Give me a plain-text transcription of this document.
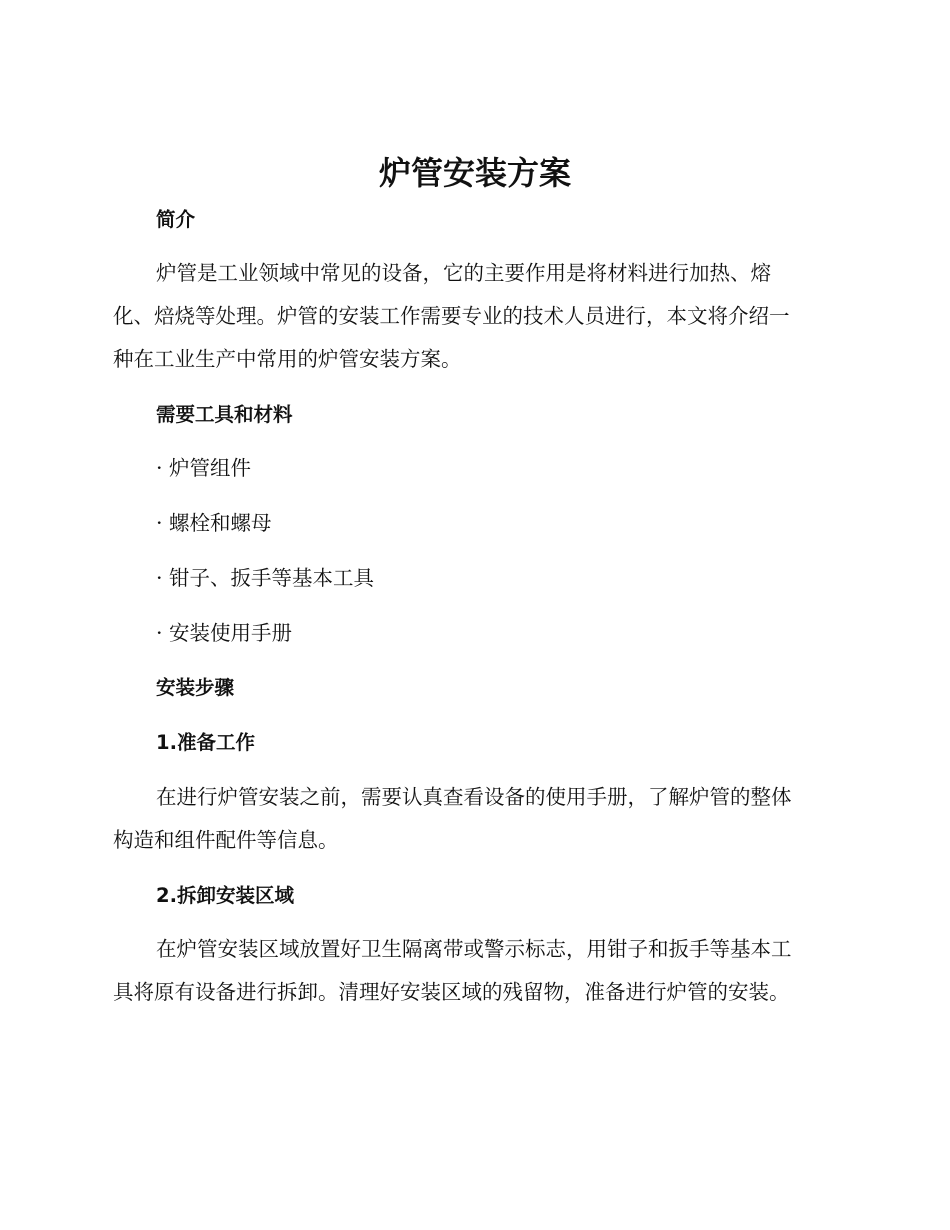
炉管安装方案
简介

炉管是工业领域中常见的设备，它的主要作用是将材料进行加热、熔
化、焙烧等处理。炉管的安装工作需要专业的技术人员进行，本文将介绍一
种在工业生产中常用的炉管安装方案。

需要工具和材料

· 炉管组件

· 螺栓和螺母

· 钳子、扳手等基本工具

· 安装使用手册

安装步骤
1.准备工作

在进行炉管安装之前，需要认真查看设备的使用手册，了解炉管的整体
构造和组件配件等信息。

2.拆卸安装区域

在炉管安装区域放置好卫生隔离带或警示标志，用钳子和扳手等基本工
具将原有设备进行拆卸。清理好安装区域的残留物，准备进行炉管的安装。
